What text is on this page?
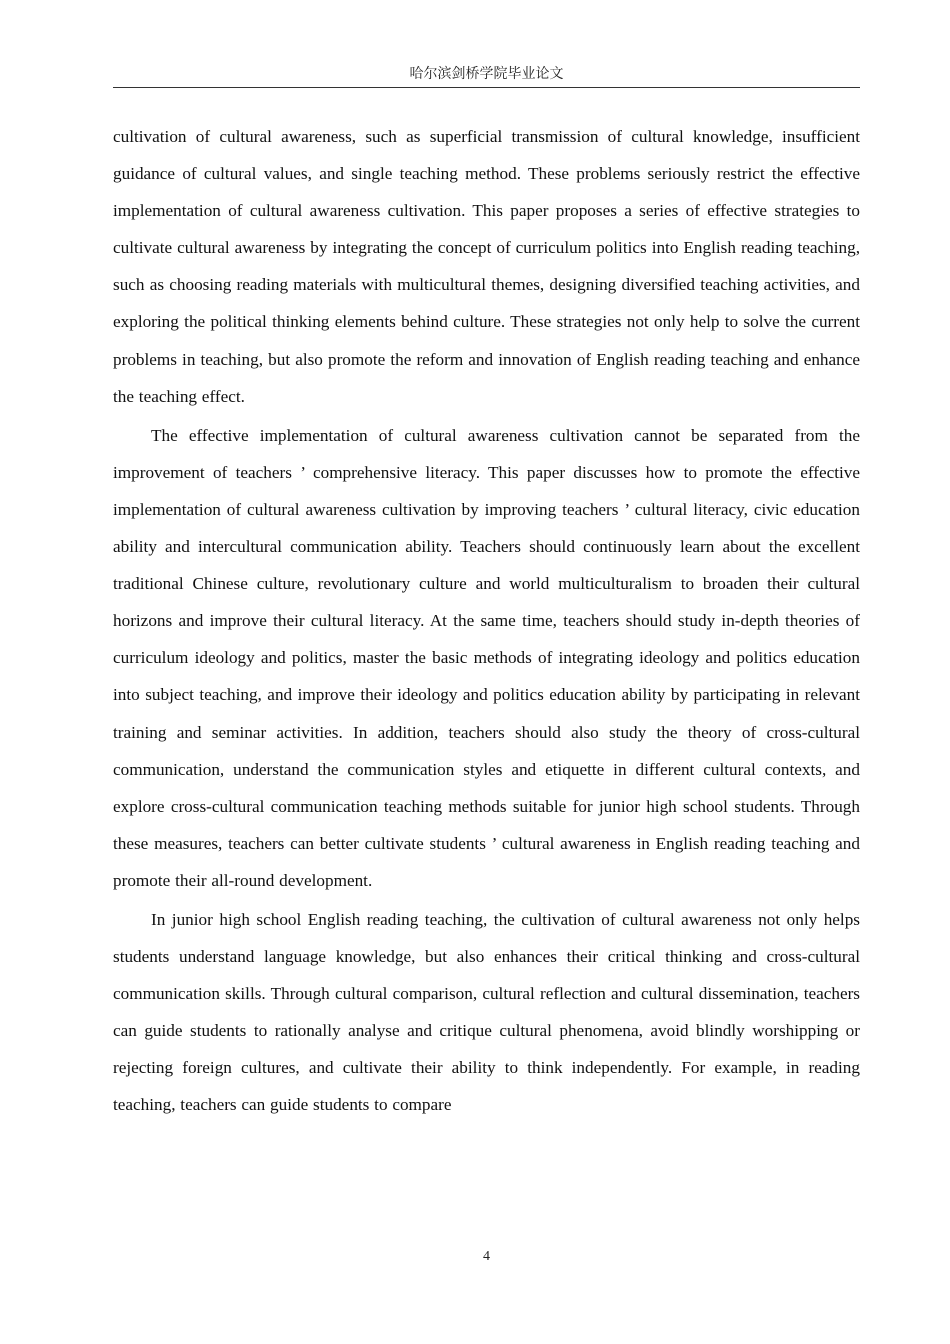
哈尔滨剑桥学院毕业论文

cultivation of cultural awareness, such as superficial transmission of cultural knowledge, insufficient guidance of cultural values, and single teaching method. These problems seriously restrict the effective implementation of cultural awareness cultivation. This paper proposes a series of effective strategies to cultivate cultural awareness by integrating the concept of curriculum politics into English reading teaching, such as choosing reading materials with multicultural themes, designing diversified teaching activities, and exploring the political thinking elements behind culture. These strategies not only help to solve the current problems in teaching, but also promote the reform and innovation of English reading teaching and enhance the teaching effect.

The effective implementation of cultural awareness cultivation cannot be separated from the improvement of teachers ’ comprehensive literacy. This paper discusses how to promote the effective implementation of cultural awareness cultivation by improving teachers ’ cultural literacy, civic education ability and intercultural communication ability. Teachers should continuously learn about the excellent traditional Chinese culture, revolutionary culture and world multiculturalism to broaden their cultural horizons and improve their cultural literacy. At the same time, teachers should study in-depth theories of curriculum ideology and politics, master the basic methods of integrating ideology and politics education into subject teaching, and improve their ideology and politics education ability by participating in relevant training and seminar activities. In addition, teachers should also study the theory of cross-cultural communication, understand the communication styles and etiquette in different cultural contexts, and explore cross-cultural communication teaching methods suitable for junior high school students. Through these measures, teachers can better cultivate students ’ cultural awareness in English reading teaching and promote their all-round development.

In junior high school English reading teaching, the cultivation of cultural awareness not only helps students understand language knowledge, but also enhances their critical thinking and cross-cultural communication skills. Through cultural comparison, cultural reflection and cultural dissemination, teachers can guide students to rationally analyse and critique cultural phenomena, avoid blindly worshipping or rejecting foreign cultures, and cultivate their ability to think independently. For example, in reading teaching, teachers can guide students to compare

4
